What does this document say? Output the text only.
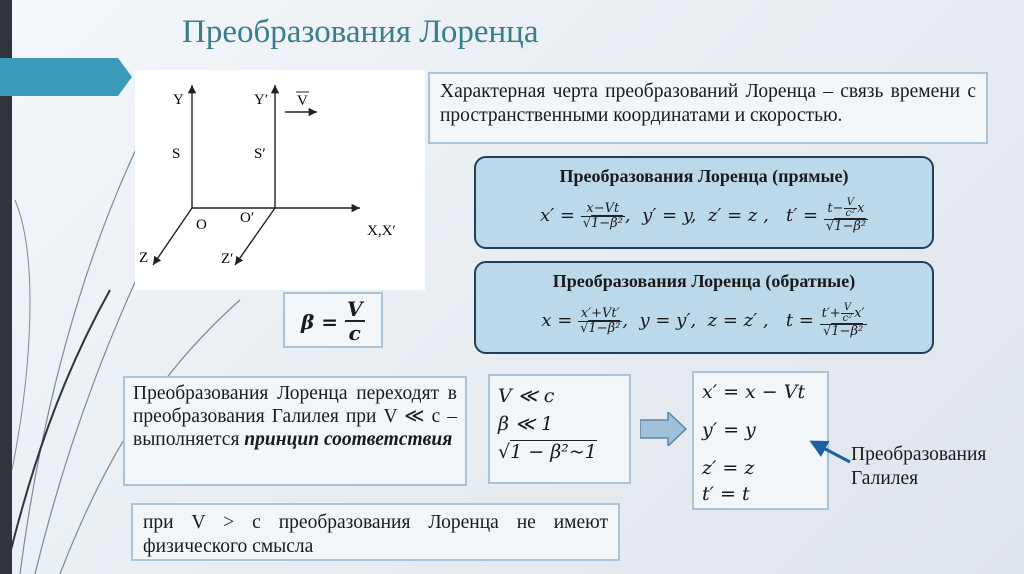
Преобразования Лоренца
Y	Y′
S	S′
V
O O′
X,X′
Z	Z′
Характерная черта преобразований Лоренца – связь времени с пространственными координатами и скоростью.
Преобразования Лоренца (прямые)
$x' = \frac{x-Vt}{\text{√1−β²}}$ ,  y′ = y, z′ = z , $t' = \frac{t- \frac{V}{\text{c²}} x}{\text{√1−β²}}$
Преобразования Лоренца (обратные)
$x = \frac{x'+Vt'}{\text{√1−β²}}$ ,  y = y′, z = z′ , $t = \frac{t'+ \frac{V}{\text{c²}} x'}{\text{√1−β²}}$
$\beta = \frac{V}{c}$
Преобразования Лоренца переходят в преобразования Галилея при V ≪ c – выполняется принцип соответствия
V ≪ c
β ≪ 1
√1 − β²~1
x′ = x − Vt
y′ = y
z′ = z
t′ = t
Преобразования Галилея
при V > c преобразования Лоренца не имеют физического смысла
